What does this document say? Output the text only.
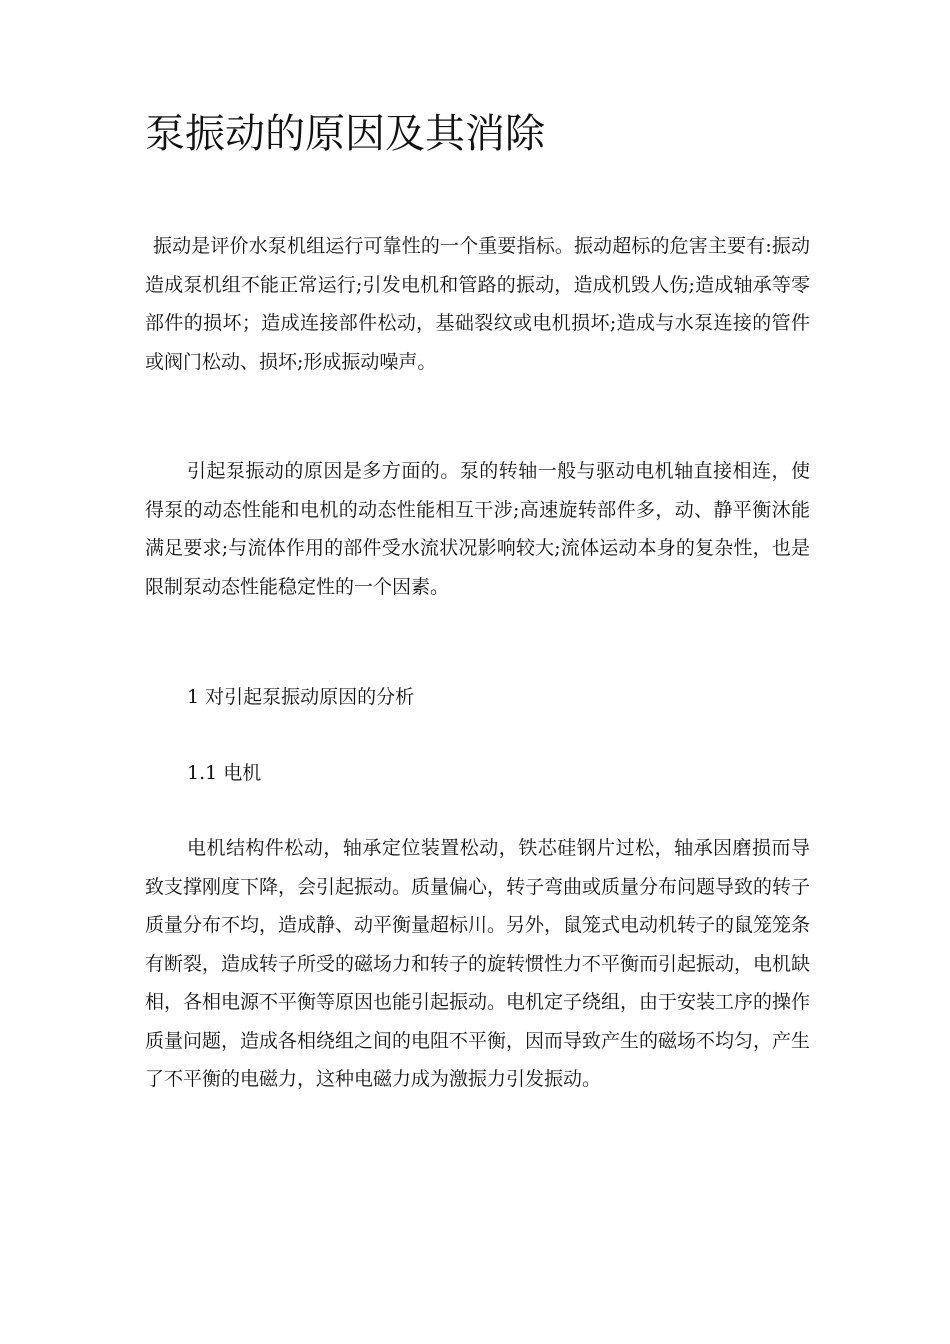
泵振动的原因及其消除

振动是评价水泵机组运行可靠性的一个重要指标。振动超标的危害主要有:振动造成泵机组不能正常运行;引发电机和管路的振动，造成机毁人伤;造成轴承等零部件的损坏；造成连接部件松动，基础裂纹或电机损坏;造成与水泵连接的管件或阀门松动、损坏;形成振动噪声。

引起泵振动的原因是多方面的。泵的转轴一般与驱动电机轴直接相连，使得泵的动态性能和电机的动态性能相互干涉;高速旋转部件多，动、静平衡沐能满足要求;与流体作用的部件受水流状况影响较大;流体运动本身的复杂性，也是限制泵动态性能稳定性的一个因素。

1 对引起泵振动原因的分析

1.1 电机

电机结构件松动，轴承定位装置松动，铁芯硅钢片过松，轴承因磨损而导致支撑刚度下降，会引起振动。质量偏心，转子弯曲或质量分布问题导致的转子质量分布不均，造成静、动平衡量超标川。另外，鼠笼式电动机转子的鼠笼笼条有断裂，造成转子所受的磁场力和转子的旋转惯性力不平衡而引起振动，电机缺相，各相电源不平衡等原因也能引起振动。电机定子绕组，由于安装工序的操作质量问题，造成各相绕组之间的电阻不平衡，因而导致产生的磁场不均匀，产生了不平衡的电磁力，这种电磁力成为激振力引发振动。
